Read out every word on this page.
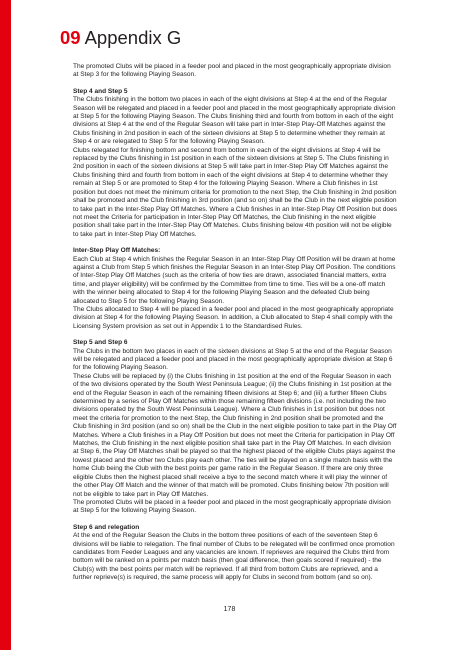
09 Appendix G

The promoted Clubs will be placed in a feeder pool and placed in the most geographically appropriate division at Step 3 for the following Playing Season.

Step 4 and Step 5

The Clubs finishing in the bottom two places in each of the eight divisions at Step 4 at the end of the Regular Season will be relegated and placed in a feeder pool and placed in the most geographically appropriate division at Step 5 for the following Playing Season. The Clubs finishing third and fourth from bottom in each of the eight divisions at Step 4 at the end of the Regular Season will take part in Inter-Step Play-Off Matches against the Clubs finishing in 2nd position in each of the sixteen divisions at Step 5 to determine whether they remain at Step 4 or are relegated to Step 5 for the following Playing Season.

Clubs relegated for finishing bottom and second from bottom in each of the eight divisions at Step 4 will be replaced by the Clubs finishing in 1st position in each of the sixteen divisions at Step 5. The Clubs finishing in 2nd position in each of the sixteen divisions at Step 5 will take part in Inter-Step Play Off Matches against the Clubs finishing third and fourth from bottom in each of the eight divisions at Step 4 to determine whether they remain at Step 5 or are promoted to Step 4 for the following Playing Season. Where a Club finishes in 1st position but does not meet the minimum criteria for promotion to the next Step, the Club finishing in 2nd position shall be promoted and the Club finishing in 3rd position (and so on) shall be the Club in the next eligible position to take part in the Inter-Step Play Off Matches. Where a Club finishes in an Inter-Step Play Off Position but does not meet the Criteria for participation in Inter-Step Play Off Matches, the Club finishing in the next eligible position shall take part in the Inter-Step Play Off Matches. Clubs finishing below 4th position will not be eligible to take part in Inter-Step Play Off Matches.

Inter-Step Play Off Matches:

Each Club at Step 4 which finishes the Regular Season in an Inter-Step Play Off Position will be drawn at home against a Club from Step 5 which finishes the Regular Season in an Inter-Step Play Off Position. The conditions of Inter-Step Play Off Matches (such as the criteria of how ties are drawn, associated financial matters, extra time, and player eligibility) will be confirmed by the Committee from time to time. Ties will be a one-off match with the winner being allocated to Step 4 for the following Playing Season and the defeated Club being allocated to Step 5 for the following Playing Season.

The Clubs allocated to Step 4 will be placed in a feeder pool and placed in the most geographically appropriate division at Step 4 for the following Playing Season. In addition, a Club allocated to Step 4 shall comply with the Licensing System provision as set out in Appendix 1 to the Standardised Rules.

Step 5 and Step 6

The Clubs in the bottom two places in each of the sixteen divisions at Step 5 at the end of the Regular Season will be relegated and placed a feeder pool and placed in the most geographically appropriate division at Step 6 for the following Playing Season.

These Clubs will be replaced by (i) the Clubs finishing in 1st position at the end of the Regular Season in each of the two divisions operated by the South West Peninsula League; (ii) the Clubs finishing in 1st position at the end of the Regular Season in each of the remaining fifteen divisions at Step 6; and (iii) a further fifteen Clubs determined by a series of Play Off Matches within those remaining fifteen divisions (i.e. not including the two divisions operated by the South West Peninsula League). Where a Club finishes in 1st position but does not meet the criteria for promotion to the next Step, the Club finishing in 2nd position shall be promoted and the Club finishing in 3rd position (and so on) shall be the Club in the next eligible position to take part in the Play Off Matches. Where a Club finishes in a Play Off Position but does not meet the Criteria for participation in Play Off Matches, the Club finishing in the next eligible position shall take part in the Play Off Matches. In each division at Step 6, the Play Off Matches shall be played so that the highest placed of the eligible Clubs plays against the lowest placed and the other two Clubs play each other. The ties will be played on a single match basis with the home Club being the Club with the best points per game ratio in the Regular Season. If there are only three eligible Clubs then the highest placed shall receive a bye to the second match where it will play the winner of the other Play Off Match and the winner of that match will be promoted. Clubs finishing below 7th position will not be eligible to take part in Play Off Matches.

The promoted Clubs will be placed in a feeder pool and placed in the most geographically appropriate division at Step 5 for the following Playing Season.

Step 6 and relegation

At the end of the Regular Season the Clubs in the bottom three positions of each of the seventeen Step 6 divisions will be liable to relegation. The final number of Clubs to be relegated will be confirmed once promotion candidates from Feeder Leagues and any vacancies are known. If reprieves are required the Clubs third from bottom will be ranked on a points per match basis (then goal difference, then goals scored if required) - the Club(s) with the best points per match will be reprieved. If all third from bottom Clubs are reprieved, and a further reprieve(s) is required, the same process will apply for Clubs in second from bottom (and so on).

178
